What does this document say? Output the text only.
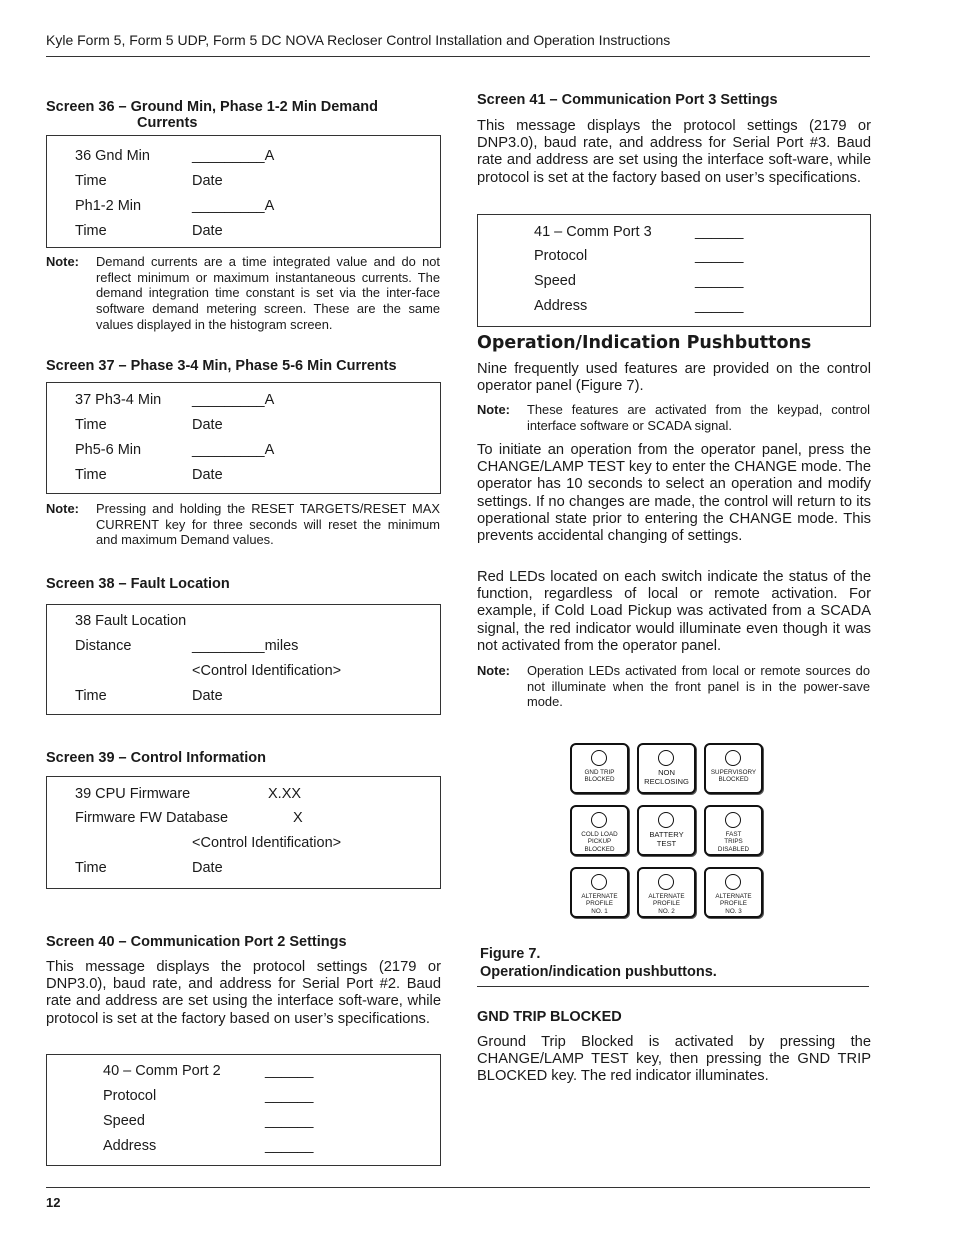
Kyle Form 5, Form 5 UDP, Form 5 DC NOVA Recloser Control Installation and Operation Instructions
Screen 36 – Ground Min, Phase 1-2 Min Demand
Currents
36 Gnd Min	_________A
Time	Date
Ph1-2 Min	_________A
Time	Date
Note: Demand currents are a time integrated value and do not reflect minimum or maximum instantaneous currents. The demand integration time constant is set via the inter-face software demand metering screen. These are the same values displayed in the histogram screen.
Screen 37 – Phase 3-4 Min, Phase 5-6 Min Currents
37 Ph3-4 Min _________A
Time	Date
Ph5-6 Min	_________A
Time	Date
Note: Pressing and holding the RESET TARGETS/RESET MAX CURRENT key for three seconds will reset the minimum and maximum Demand values.
Screen 38 – Fault Location
38 Fault Location
Distance	_________miles
<Control Identification>
Time	Date
Screen 39 – Control Information
39 CPU Firmware	X.XX
Firmware FW Database	X
<Control Identification>
Time	Date
Screen 40 – Communication Port 2 Settings
This message displays the protocol settings (2179 or DNP3.0), baud rate, and address for Serial Port #2. Baud rate and address are set using the interface soft-ware, while protocol is set at the factory based on user’s specifications.
40 – Comm Port 2	______
Protocol	______
Speed	______
Address	______
Screen 41 – Communication Port 3 Settings
This message displays the protocol settings (2179 or DNP3.0), baud rate, and address for Serial Port #3. Baud rate and address are set using the interface soft-ware, while protocol is set at the factory based on user’s specifications.
41 – Comm Port 3	______
Protocol	______
Speed	______
Address	______
Operation/Indication Pushbuttons
Nine frequently used features are provided on the control operator panel (Figure 7).
Note: These features are activated from the keypad, control interface software or SCADA signal.
To initiate an operation from the operator panel, press the CHANGE/LAMP TEST key to enter the CHANGE mode. The operator has 10 seconds to select an operation and modify settings. If no changes are made, the control will return to its operational state prior to entering the CHANGE mode. This prevents accidental changing of settings.
Red LEDs located on each switch indicate the status of the function, regardless of local or remote activation. For example, if Cold Load Pickup was activated from a SCADA signal, the red indicator would illuminate even though it was not activated from the operator panel.
Note: Operation LEDs activated from local or remote sources do not illuminate when the front panel is in the power-save mode.
GND TRIP
BLOCKED
NON
RECLOSING
SUPERVISORY
BLOCKED
COLD LOAD
PICKUP
BLOCKED
BATTERY
TEST
FAST
TRIPS
DISABLED
ALTERNATE
PROFILE
NO. 1
ALTERNATE
PROFILE
NO. 2
ALTERNATE
PROFILE
NO. 3
Figure 7.
Operation/indication pushbuttons.
GND TRIP BLOCKED
Ground Trip Blocked is activated by pressing the CHANGE/LAMP TEST key, then pressing the GND TRIP BLOCKED key. The red indicator illuminates.
12
